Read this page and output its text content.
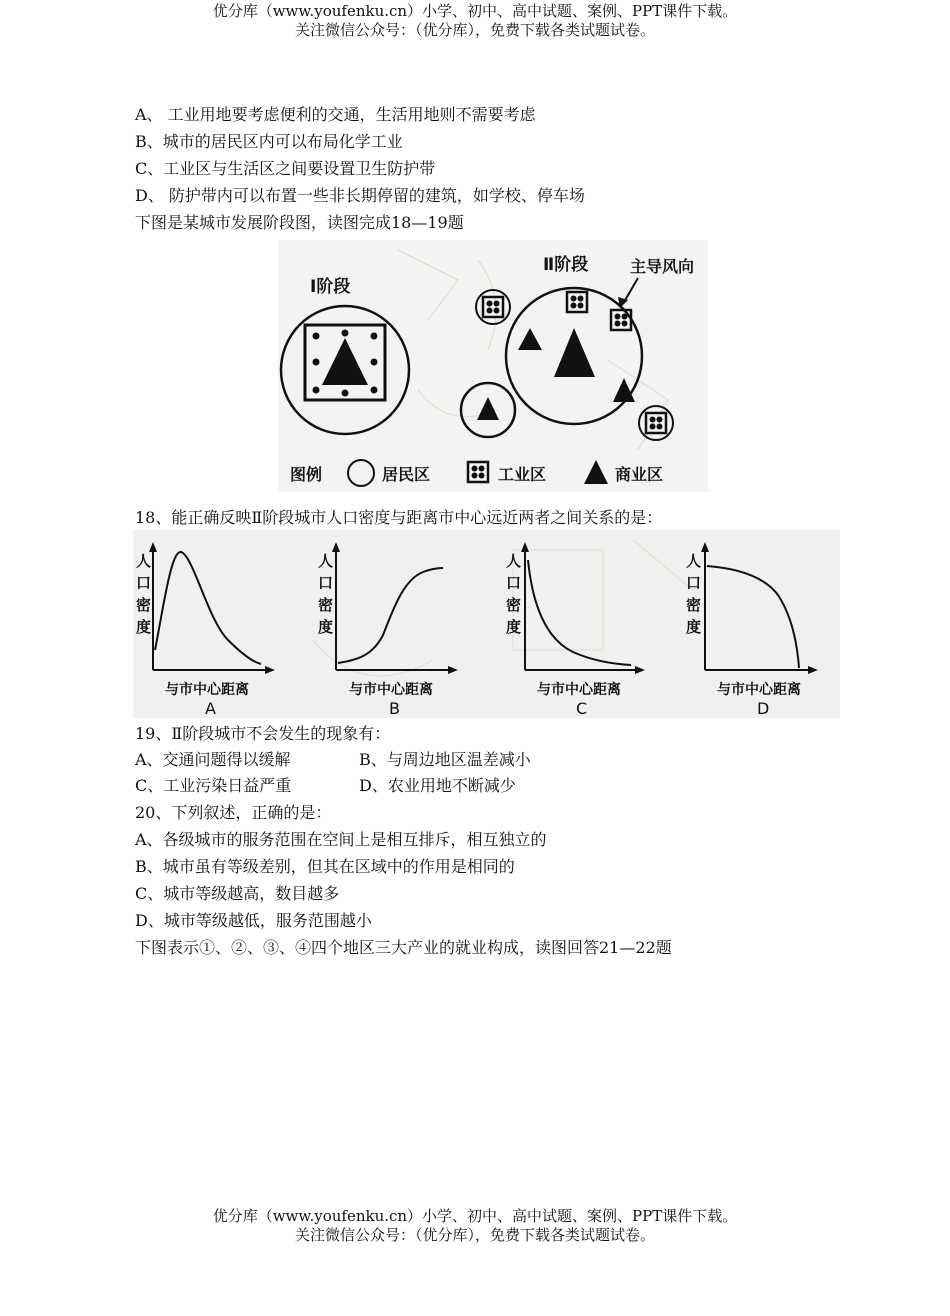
优分库（www.youfenku.cn）小学、初中、高中试题、案例、PPT课件下载。
关注微信公众号：（优分库），免费下载各类试题试卷。
A、 工业用地要考虑便利的交通，生活用地则不需要考虑
B、城市的居民区内可以布局化学工业
C、工业区与生活区之间要设置卫生防护带
D、 防护带内可以布置一些非长期停留的建筑，如学校、停车场
下图是某城市发展阶段图，读图完成18—19题
Ⅰ阶段
Ⅱ阶段	主导风向
图例	居民区	工业区	商业区
18、能正确反映Ⅱ阶段城市人口密度与距离市中心远近两者之间关系的是：
人
口
密
度
与市中心距离
A
人
口
密
度
与市中心距离
B
人
口
密
度
与市中心距离
C
人
口
密
度
与市中心距离
D
19、Ⅱ阶段城市不会发生的现象有：
A、交通问题得以缓解	B、与周边地区温差减小
C、工业污染日益严重	D、农业用地不断减少
20、下列叙述，正确的是：
A、各级城市的服务范围在空间上是相互排斥，相互独立的
B、城市虽有等级差别，但其在区域中的作用是相同的
C、城市等级越高，数目越多
D、城市等级越低，服务范围越小
下图表示①、②、③、④四个地区三大产业的就业构成，读图回答21—22题
优分库（www.youfenku.cn）小学、初中、高中试题、案例、PPT课件下载。
关注微信公众号：（优分库），免费下载各类试题试卷。
